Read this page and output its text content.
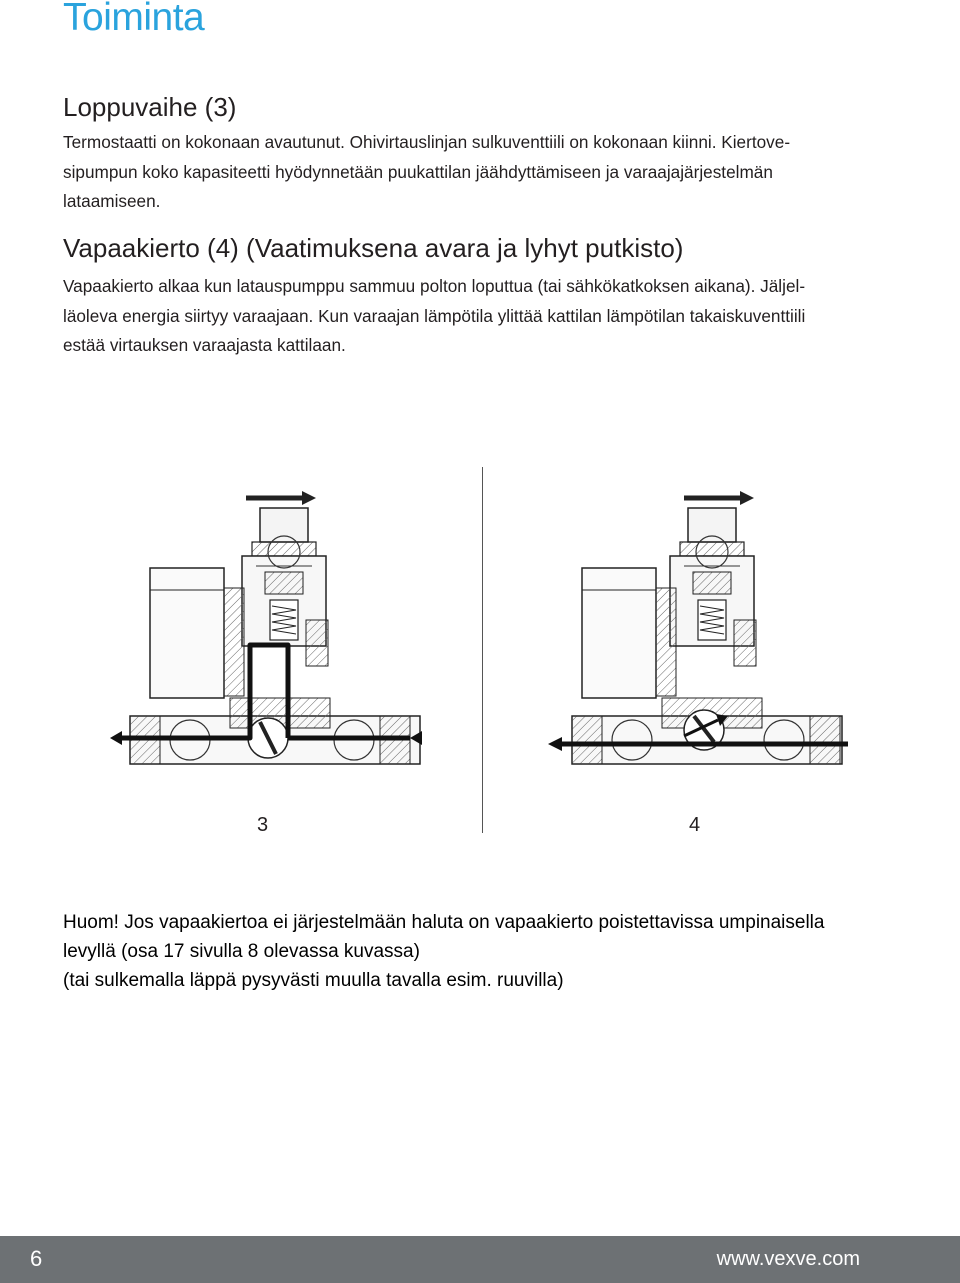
Toiminta
Loppuvaihe (3)

Termostaatti on kokonaan avautunut. Ohivirtauslinjan sulkuventtiili on kokonaan kiinni. Kiertove-
sipumpun koko kapasiteetti hyödynnetään puukattilan jäähdyttämiseen ja varaajajärjestelmän
lataamiseen.

Vapaakierto (4) (Vaatimuksena avara ja lyhyt putkisto)

Vapaakierto alkaa kun latauspumppu sammuu polton loputtua (tai sähkökatkoksen aikana). Jäljel-
läoleva energia siirtyy varaajaan. Kun varaajan lämpötila ylittää kattilan lämpötilan takaiskuventtiili
estää virtauksen varaajasta kattilaan.

3	4

Huom! Jos vapaakiertoa ei järjestelmään haluta on vapaakierto poistettavissa umpinaisella
levyllä (osa 17 sivulla 8 olevassa kuvassa)
(tai sulkemalla läppä pysyvästi muulla tavalla esim. ruuvilla)

6	www.vexve.com
